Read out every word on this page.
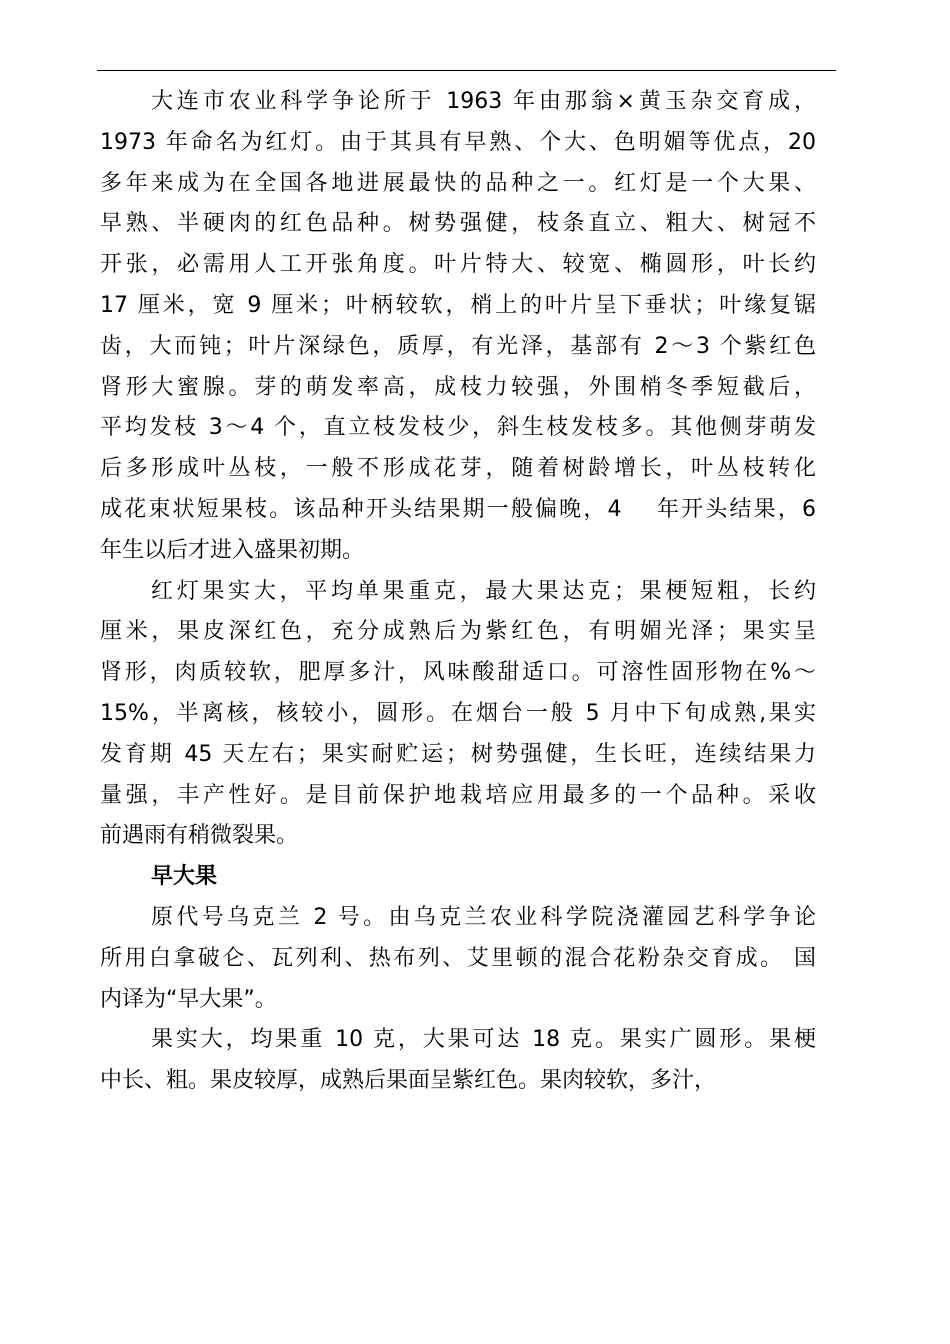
大连市农业科学争论所于 1963 年由那翁×黄玉杂交育成，
1973 年命名为红灯。由于其具有早熟、个大、色明媚等优点，20
多年来成为在全国各地进展最快的品种之一。红灯是一个大果、
早熟、半硬肉的红色品种。树势强健，枝条直立、粗大、树冠不
开张，必需用人工开张角度。叶片特大、较宽、椭圆形，叶长约
17 厘米，宽 9 厘米；叶柄较软，梢上的叶片呈下垂状；叶缘复锯
齿，大而钝；叶片深绿色，质厚，有光泽，基部有 2～3 个紫红色
肾形大蜜腺。芽的萌发率高，成枝力较强，外围梢冬季短截后，
平均发枝 3～4 个，直立枝发枝少，斜生枝发枝多。其他侧芽萌发
后多形成叶丛枝，一般不形成花芽，随着树龄增长，叶丛枝转化
成花束状短果枝。该品种开头结果期一般偏晚，4　 年开头结果，6
年生以后才进入盛果初期。
红灯果实大，平均单果重克，最大果达克；果梗短粗，长约
厘米，果皮深红色，充分成熟后为紫红色，有明媚光泽；果实呈
肾形，肉质较软，肥厚多汁，风味酸甜适口。可溶性固形物在%～
15%，半离核，核较小，圆形。在烟台一般 5 月中下旬成熟,果实
发育期 45 天左右；果实耐贮运；树势强健，生长旺，连续结果力
量强，丰产性好。是目前保护地栽培应用最多的一个品种。采收
前遇雨有稍微裂果。
早大果
原代号乌克兰 2 号。由乌克兰农业科学院浇灌园艺科学争论
所用白拿破仑、瓦列利、热布列、艾里顿的混合花粉杂交育成。 国
内译为“早大果”。
果实大，均果重 10 克，大果可达 18 克。果实广圆形。果梗
中长、粗。果皮较厚，成熟后果面呈紫红色。果肉较软，多汁，
